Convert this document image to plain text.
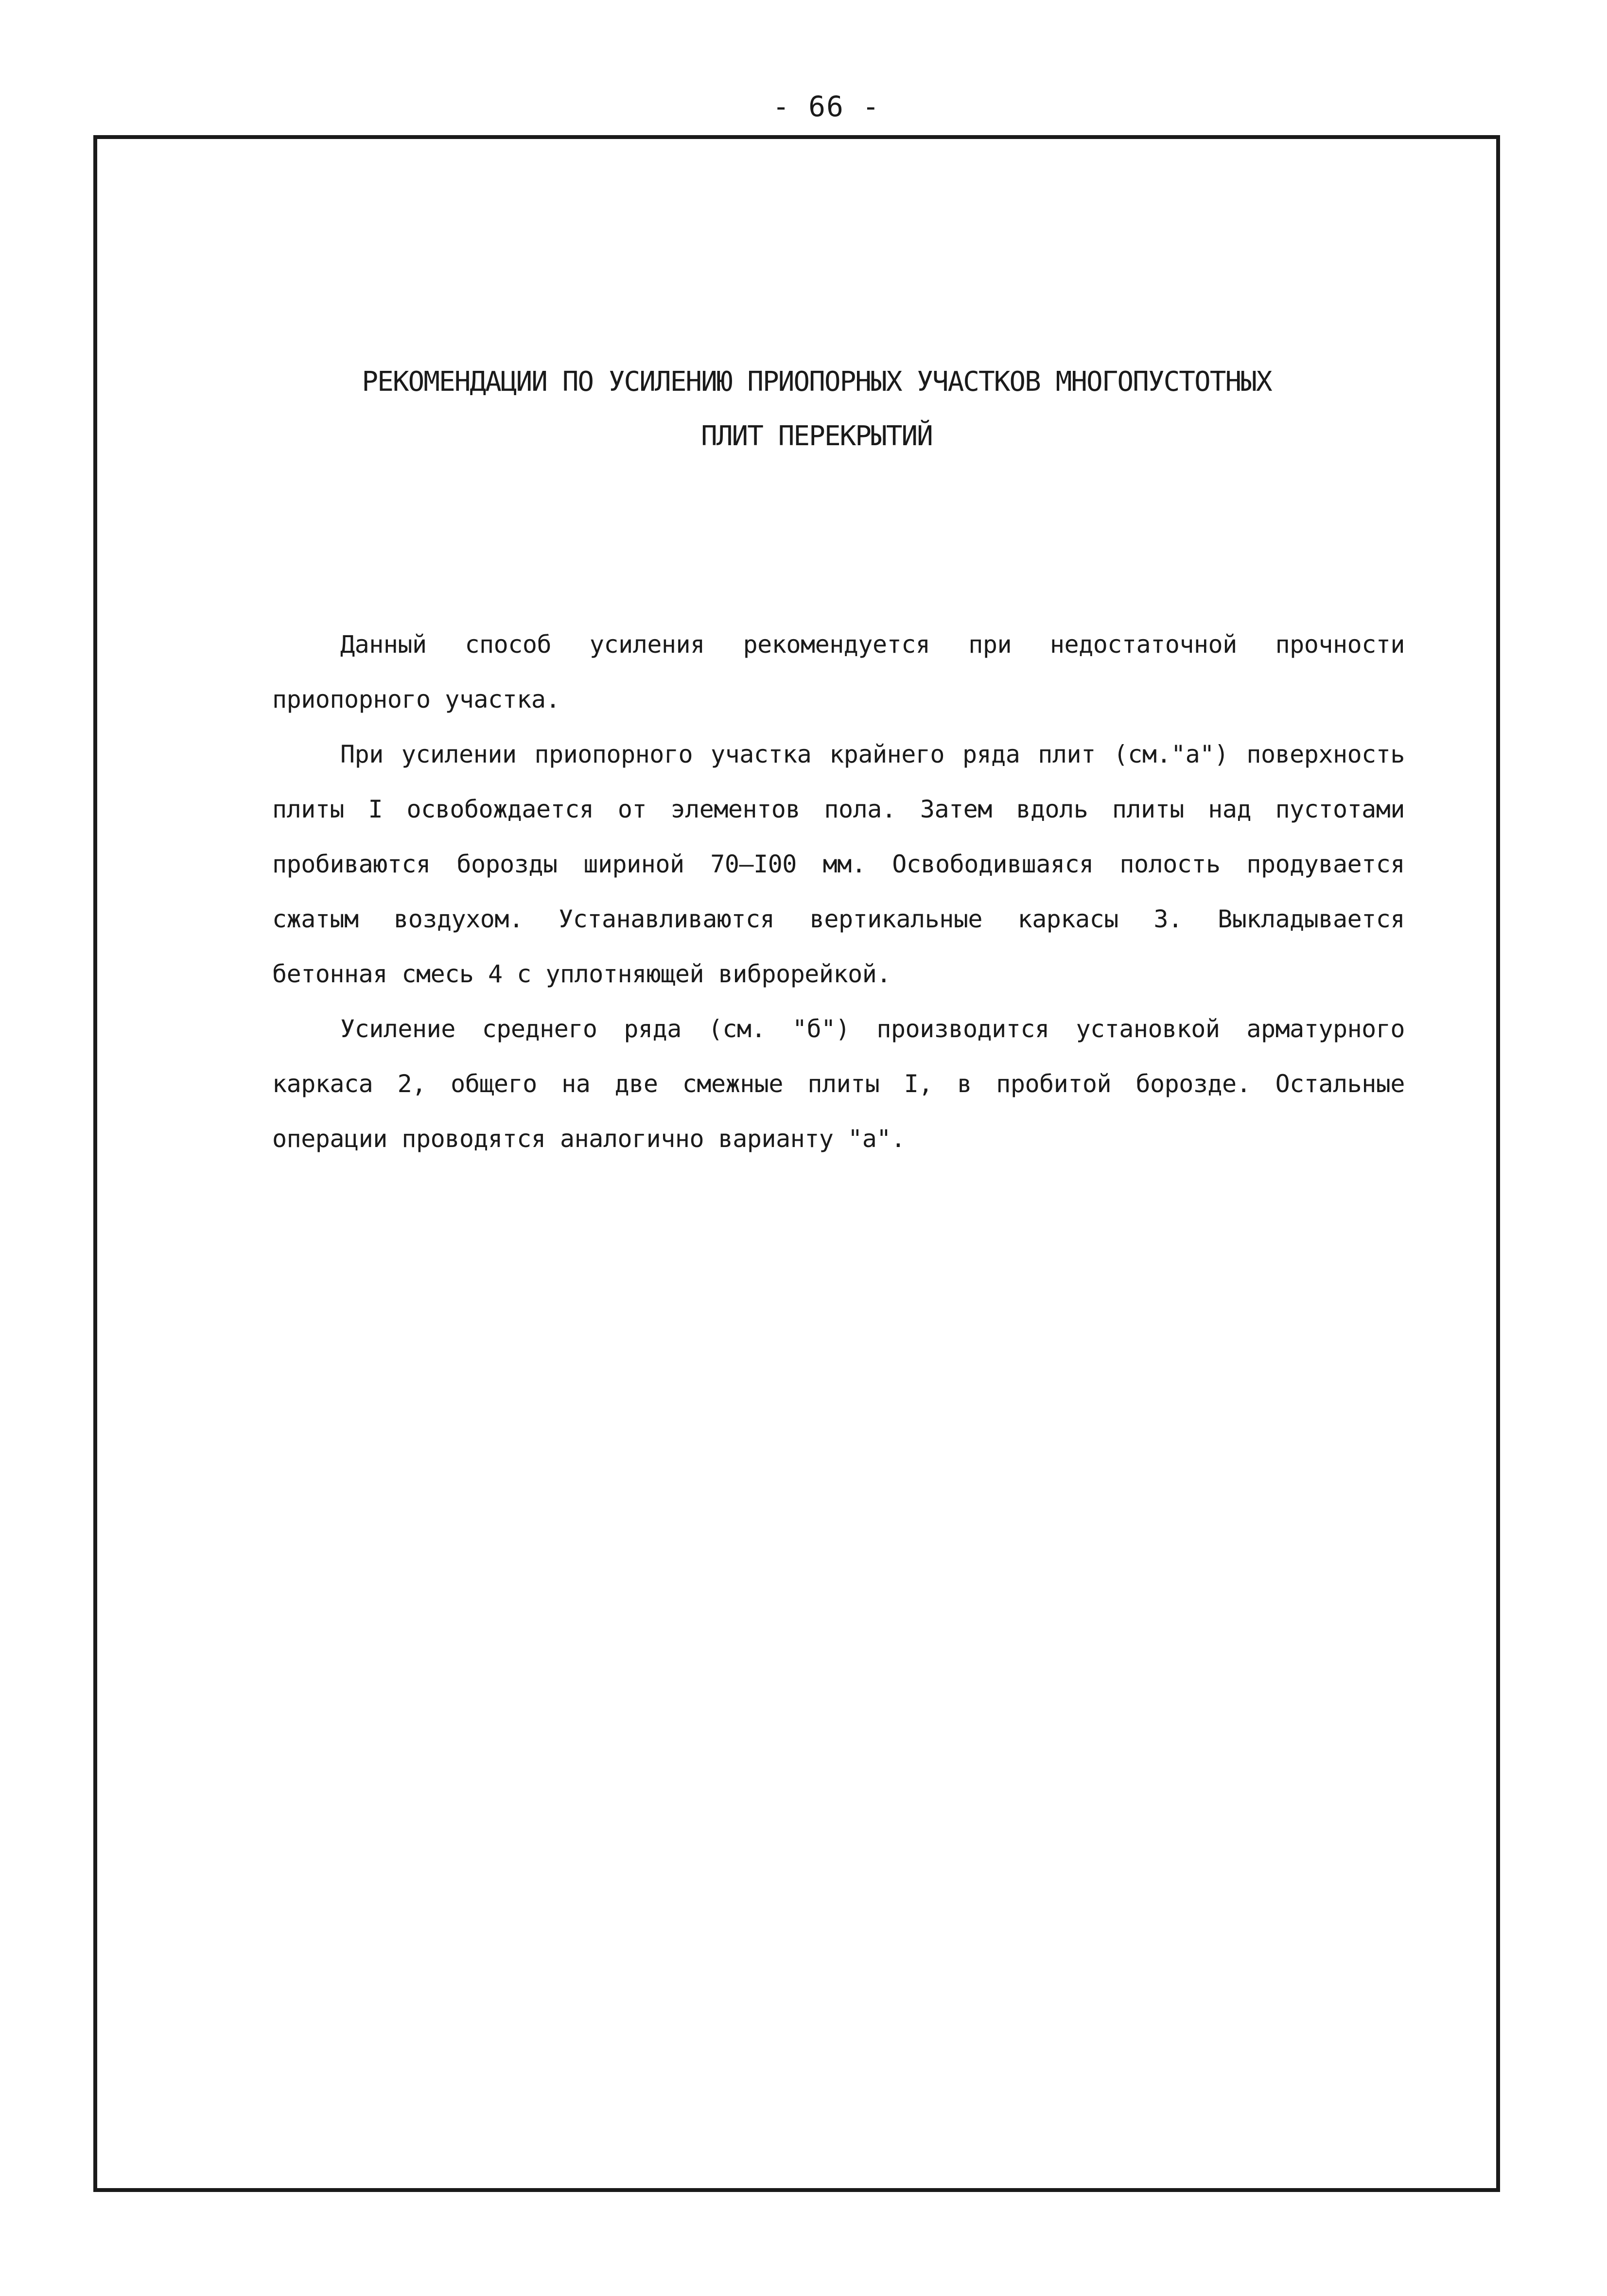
- 66 -
РЕКОМЕНДАЦИИ ПО УСИЛЕНИЮ ПРИОПОРНЫХ УЧАСТКОВ МНОГОПУСТОТНЫХ
ПЛИТ ПЕРЕКРЫТИЙ

Данный способ усиления рекомендуется при недостаточной прочности приопорного участка.

При усилении приопорного участка крайнего ряда плит (см."а") поверхность плиты I освобождается от элементов пола. Затем вдоль плиты над пустотами пробиваются борозды шириной 70–I00 мм. Освободившаяся полость продувается сжатым воздухом. Устанавливаются вертикальные каркасы 3. Выкладывается бетонная смесь 4 с уплотняющей виброрейкой.

Усиление среднего ряда (см. "б") производится установкой арматурного каркаса 2, общего на две смежные плиты I, в пробитой борозде. Остальные операции проводятся аналогично варианту "а".
